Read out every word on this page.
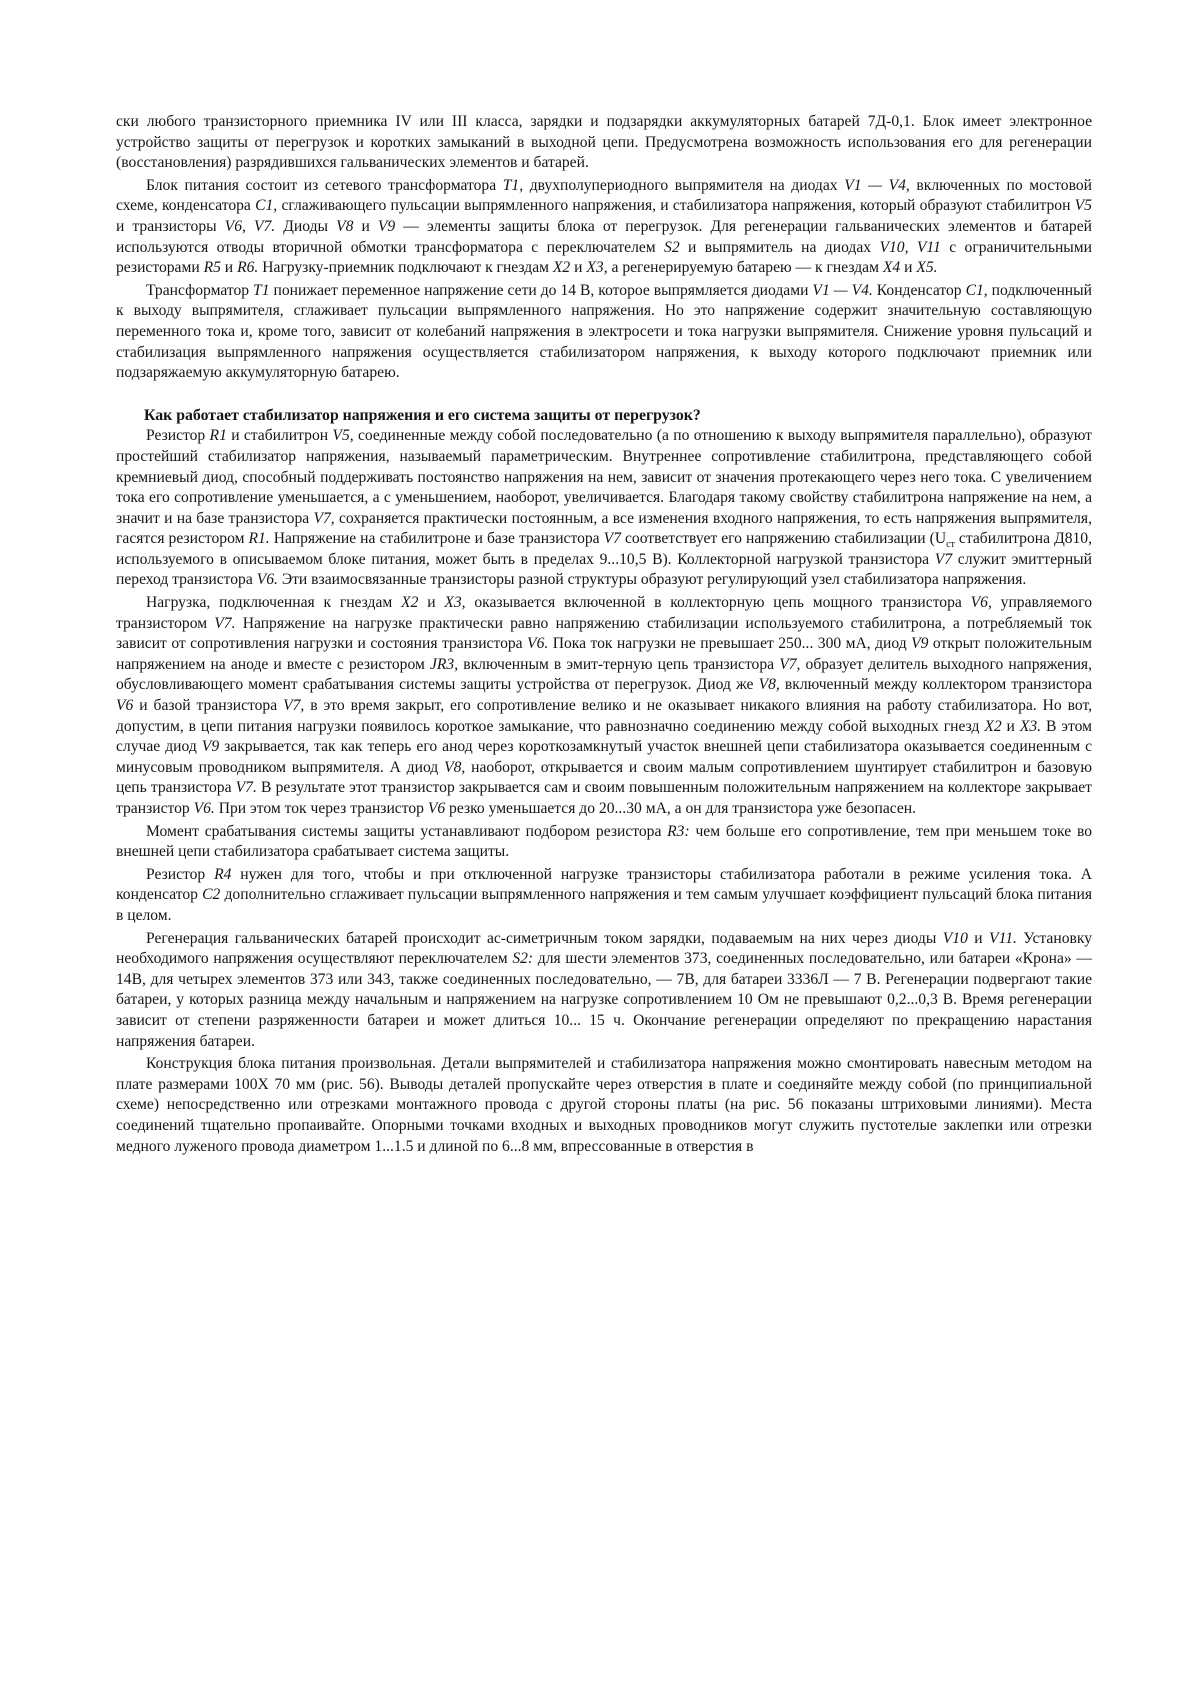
ски любого транзисторного приемника IV или III класса, зарядки и подзарядки аккумуляторных батарей 7Д-0,1. Блок имеет электронное устройство защиты от перегрузок и коротких замыканий в выходной цепи. Предусмотрена возможность использования его для регенерации (восстановления) разрядившихся гальванических элементов и батарей.

Блок питания состоит из сетевого трансформатора T1, двухполупериодного выпрямителя на диодах V1 — V4, включенных по мостовой схеме, конденсатора C1, сглаживающего пульсации выпрямленного напряжения, и стабилизатора напряжения, который образуют стабилитрон V5 и транзисторы V6, V7. Диоды V8 и V9 — элементы защиты блока от перегрузок. Для регенерации гальванических элементов и батарей используются отводы вторичной обмотки трансформатора с переключателем S2 и выпрямитель на диодах V10, V11 с ограничительными резисторами R5 и R6. Нагрузку-приемник подключают к гнездам X2 и X3, а регенерируемую батарею — к гнездам X4 и X5.

Трансформатор T1 понижает переменное напряжение сети до 14 В, которое выпрямляется диодами V1 — V4. Конденсатор C1, подключенный к выходу выпрямителя, сглаживает пульсации выпрямленного напряжения. Но это напряжение содержит значительную составляющую переменного тока и, кроме того, зависит от колебаний напряжения в электросети и тока нагрузки выпрямителя. Снижение уровня пульсаций и стабилизация выпрямленного напряжения осуществляется стабилизатором напряжения, к выходу которого подключают приемник или подзаряжаемую аккумуляторную батарею.

Как работает стабилизатор напряжения и его система защиты от перегрузок?

Резистор R1 и стабилитрон V5, соединенные между собой последовательно (а по отношению к выходу выпрямителя параллельно), образуют простейший стабилизатор напряжения, называемый параметрическим. Внутреннее сопротивление стабилитрона, представляющего собой кремниевый диод, способный поддерживать постоянство напряжения на нем, зависит от значения протекающего через него тока. С увеличением тока его сопротивление уменьшается, а с уменьшением, наоборот, увеличивается. Благодаря такому свойству стабилитрона напряжение на нем, а значит и на базе транзистора V7, сохраняется практически постоянным, а все изменения входного напряжения, то есть напряжения выпрямителя, гасятся резистором R1. Напряжение на стабилитроне и базе транзистора V7 соответствует его напряжению стабилизации ($U_{ст}$ стабилитрона Д810, используемого в описываемом блоке питания, может быть в пределах 9...10,5 В). Коллекторной нагрузкой транзистора V7 служит эмиттерный переход транзистора V6. Эти взаимосвязанные транзисторы разной структуры образуют регулирующий узел стабилизатора напряжения.

Нагрузка, подключенная к гнездам X2 и X3, оказывается включенной в коллекторную цепь мощного транзистора V6, управляемого транзистором V7. Напряжение на нагрузке практически равно напряжению стабилизации используемого стабилитрона, а потребляемый ток зависит от сопротивления нагрузки и состояния транзистора V6. Пока ток нагрузки не превышает 250... 300 мА, диод V9 открыт положительным напряжением на аноде и вместе с резистором JR3, включенным в эмит-терную цепь транзистора V7, образует делитель выходного напряжения, обусловливающего момент срабатывания системы защиты устройства от перегрузок. Диод же V8, включенный между коллектором транзистора V6 и базой транзистора V7, в это время закрыт, его сопротивление велико и не оказывает никакого влияния на работу стабилизатора. Но вот, допустим, в цепи питания нагрузки появилось короткое замыкание, что равнозначно соединению между собой выходных гнезд X2 и X3. В этом случае диод V9 закрывается, так как теперь его анод через короткозамкнутый участок внешней цепи стабилизатора оказывается соединенным с минусовым проводником выпрямителя. А диод V8, наоборот, открывается и своим малым сопротивлением шунтирует стабилитрон и базовую цепь транзистора V7. В результате этот транзистор закрывается сам и своим повышенным положительным напряжением на коллекторе закрывает транзистор V6. При этом ток через транзистор V6 резко уменьшается до 20...30 мА, а он для транзистора уже безопасен.

Момент срабатывания системы защиты устанавливают подбором резистора R3: чем больше его сопротивление, тем при меньшем токе во внешней цепи стабилизатора срабатывает система защиты.

Резистор R4 нужен для того, чтобы и при отключенной нагрузке транзисторы стабилизатора работали в режиме усиления тока. А конденсатор C2 дополнительно сглаживает пульсации выпрямленного напряжения и тем самым улучшает коэффициент пульсаций блока питания в целом.

Регенерация гальванических батарей происходит ас-симетричным током зарядки, подаваемым на них через диоды V10 и V11. Установку необходимого напряжения осуществляют переключателем S2: для шести элементов 373, соединенных последовательно, или батареи «Крона» — 14В, для четырех элементов 373 или 343, также соединенных последовательно, — 7В, для батареи 3336Л — 7 В. Регенерации подвергают такие батареи, у которых разница между начальным и напряжением на нагрузке сопротивлением 10 Ом не превышают 0,2...0,3 В. Время регенерации зависит от степени разряженности батареи и может длиться 10... 15 ч. Окончание регенерации определяют по прекращению нарастания напряжения батареи.

Конструкция блока питания произвольная. Детали выпрямителей и стабилизатора напряжения можно смонтировать навесным методом на плате размерами 100X 70 мм (рис. 56). Выводы деталей пропускайте через отверстия в плате и соединяйте между собой (по принципиальной схеме) непосредственно или отрезками монтажного провода с другой стороны платы (на рис. 56 показаны штриховыми линиями). Места соединений тщательно пропаивайте. Опорными точками входных и выходных проводников могут служить пустотелые заклепки или отрезки медного луженого провода диаметром 1...1.5 и длиной по 6...8 мм, впрессованные в отверстия в
